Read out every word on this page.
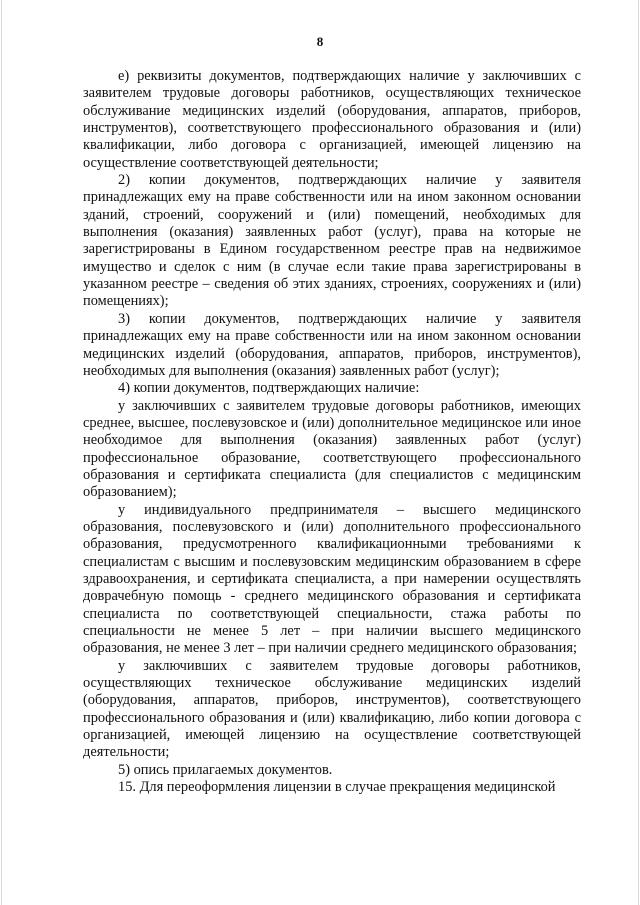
8

е) реквизиты документов, подтверждающих наличие у заключивших с заявителем трудовые договоры работников, осуществляющих техническое обслуживание медицинских изделий (оборудования, аппаратов, приборов, инструментов), соответствующего профессионального образования и (или) квалификации, либо договора с организацией, имеющей лицензию на осуществление соответствующей деятельности;

2) копии документов, подтверждающих наличие у заявителя принадлежащих ему на праве собственности или на ином законном основании зданий, строений, сооружений и (или) помещений, необходимых для выполнения (оказания) заявленных работ (услуг), права на которые не зарегистрированы в Едином государственном реестре прав на недвижимое имущество и сделок с ним (в случае если такие права зарегистрированы в указанном реестре – сведения об этих зданиях, строениях, сооружениях и (или) помещениях);

3) копии документов, подтверждающих наличие у заявителя принадлежащих ему на праве собственности или на ином законном основании медицинских изделий (оборудования, аппаратов, приборов, инструментов), необходимых для выполнения (оказания) заявленных работ (услуг);

4) копии документов, подтверждающих наличие:

у заключивших с заявителем трудовые договоры работников, имеющих среднее, высшее, послевузовское и (или) дополнительное медицинское или иное необходимое для выполнения (оказания) заявленных работ (услуг) профессиональное образование, соответствующего профессионального образования и сертификата специалиста (для специалистов с медицинским образованием);

у индивидуального предпринимателя – высшего медицинского образования, послевузовского и (или) дополнительного профессионального образования, предусмотренного квалификационными требованиями к специалистам с высшим и послевузовским медицинским образованием в сфере здравоохранения, и сертификата специалиста, а при намерении осуществлять доврачебную помощь - среднего медицинского образования и сертификата специалиста по соответствующей специальности, стажа работы по специальности не менее 5 лет – при наличии высшего медицинского образования, не менее 3 лет – при наличии среднего медицинского образования;

у заключивших с заявителем трудовые договоры работников, осуществляющих техническое обслуживание медицинских изделий (оборудования, аппаратов, приборов, инструментов), соответствующего профессионального образования и (или) квалификацию, либо копии договора с организацией, имеющей лицензию на осуществление соответствующей деятельности;

5) опись прилагаемых документов.

15. Для переоформления лицензии в случае прекращения медицинской
